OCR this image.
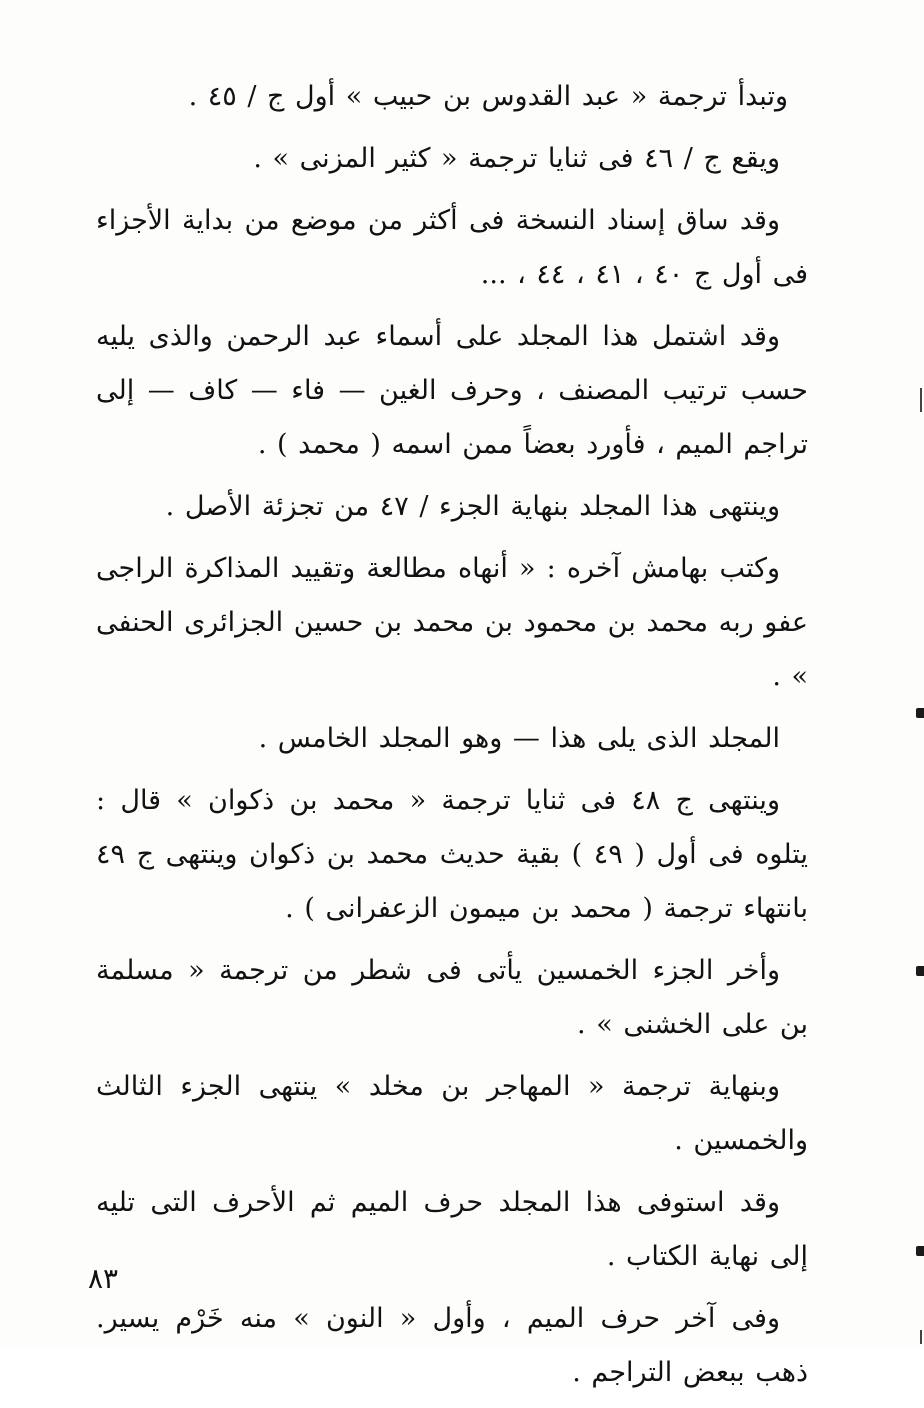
وتبدأ ترجمة « عبد القدوس بن حبيب » أول ج / ٤٥ .

ويقع ج / ٤٦ فى ثنايا ترجمة « كثير المزنى » .

وقد ساق إسناد النسخة فى أكثر من موضع من بداية الأجزاء فى أول ج ٤٠ ، ٤١ ، ٤٤ ، ...

وقد اشتمل هذا المجلد على أسماء عبد الرحمن والذى يليه حسب ترتيب المصنف ، وحرف الغين — فاء — كاف — إلى تراجم الميم ، فأورد بعضاً ممن اسمه ( محمد ) .

وينتهى هذا المجلد بنهاية الجزء / ٤٧ من تجزئة الأصل .

وكتب بهامش آخره : « أنهاه مطالعة وتقييد المذاكرة الراجى عفو ربه محمد بن محمود بن محمد بن حسين الجزائرى الحنفى » .

المجلد الذى يلى هذا — وهو المجلد الخامس .

وينتهى ج ٤٨ فى ثنايا ترجمة « محمد بن ذكوان » قال : يتلوه فى أول ( ٤٩ ) بقية حديث محمد بن ذكوان وينتهى ج ٤٩ بانتهاء ترجمة ( محمد بن ميمون الزعفرانى ) .

وأخر الجزء الخمسين يأتى فى شطر من ترجمة « مسلمة بن على الخشنى » .

وبنهاية ترجمة « المهاجر بن مخلد » ينتهى الجزء الثالث والخمسين .

وقد استوفى هذا المجلد حرف الميم ثم الأحرف التى تليه إلى نهاية الكتاب .

وفى آخر حرف الميم ، وأول « النون » منه خَرْم يسير. ذهب ببعض التراجم .

٨٣
